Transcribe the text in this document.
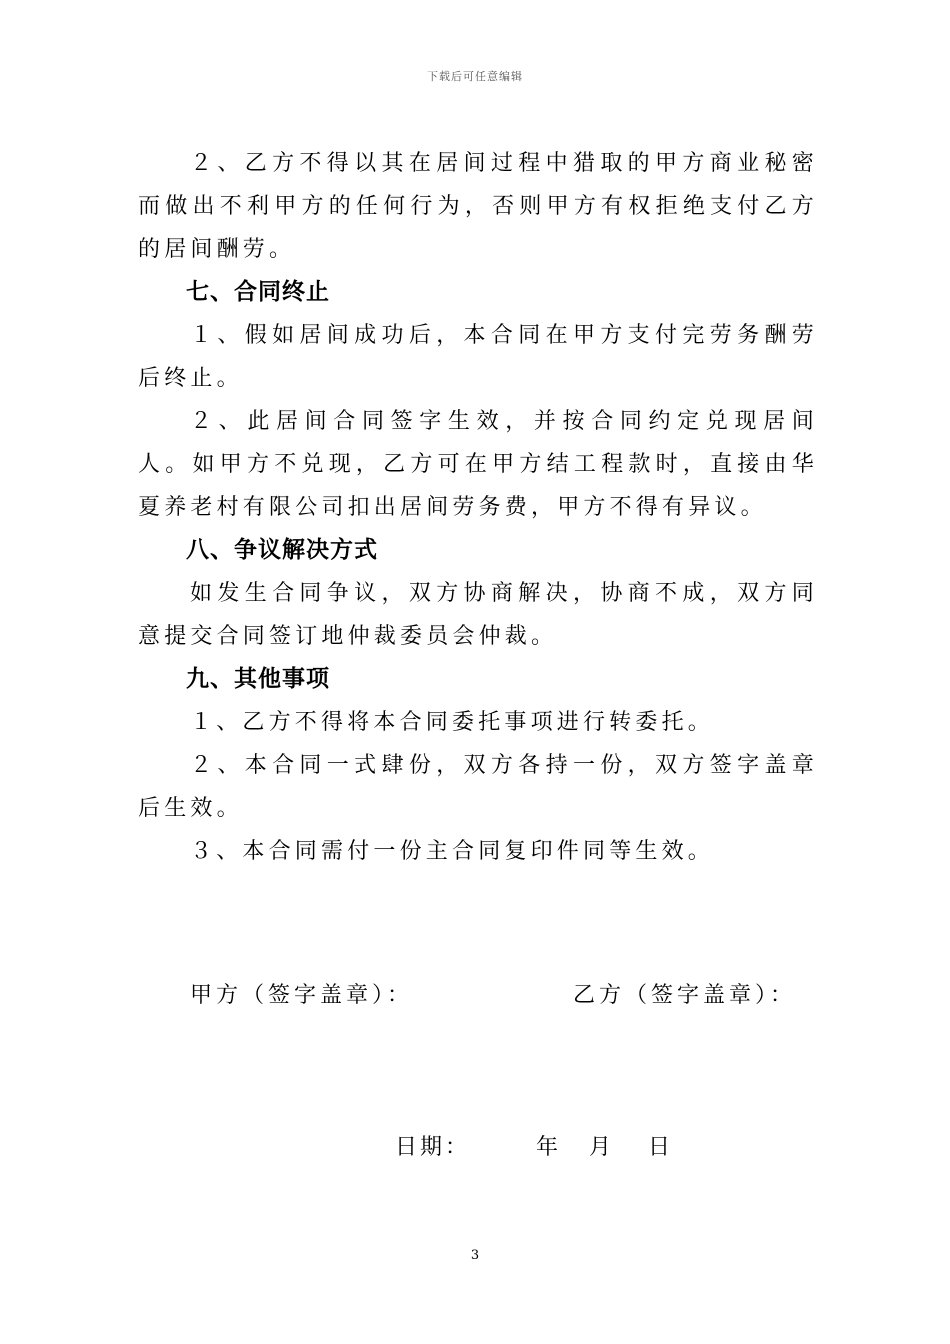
下载后可任意编辑

２、乙方不得以其在居间过程中猎取的甲方商业秘密而做出不利甲方的任何行为，否则甲方有权拒绝支付乙方的居间酬劳。

七、合同终止

１、假如居间成功后，本合同在甲方支付完劳务酬劳后终止。

２、此居间合同签字生效，并按合同约定兑现居间人。如甲方不兑现，乙方可在甲方结工程款时，直接由华夏养老村有限公司扣出居间劳务费，甲方不得有异议。

八、争议解决方式

如发生合同争议，双方协商解决，协商不成，双方同意提交合同签订地仲裁委员会仲裁。

九、其他事项

１、乙方不得将本合同委托事项进行转委托。

２、本合同一式肆份，双方各持一份，双方签字盖章后生效。

３、本合同需付一份主合同复印件同等生效。

甲方（签字盖章）：	乙方（签字盖章）：
日期：	年 月 日
3
